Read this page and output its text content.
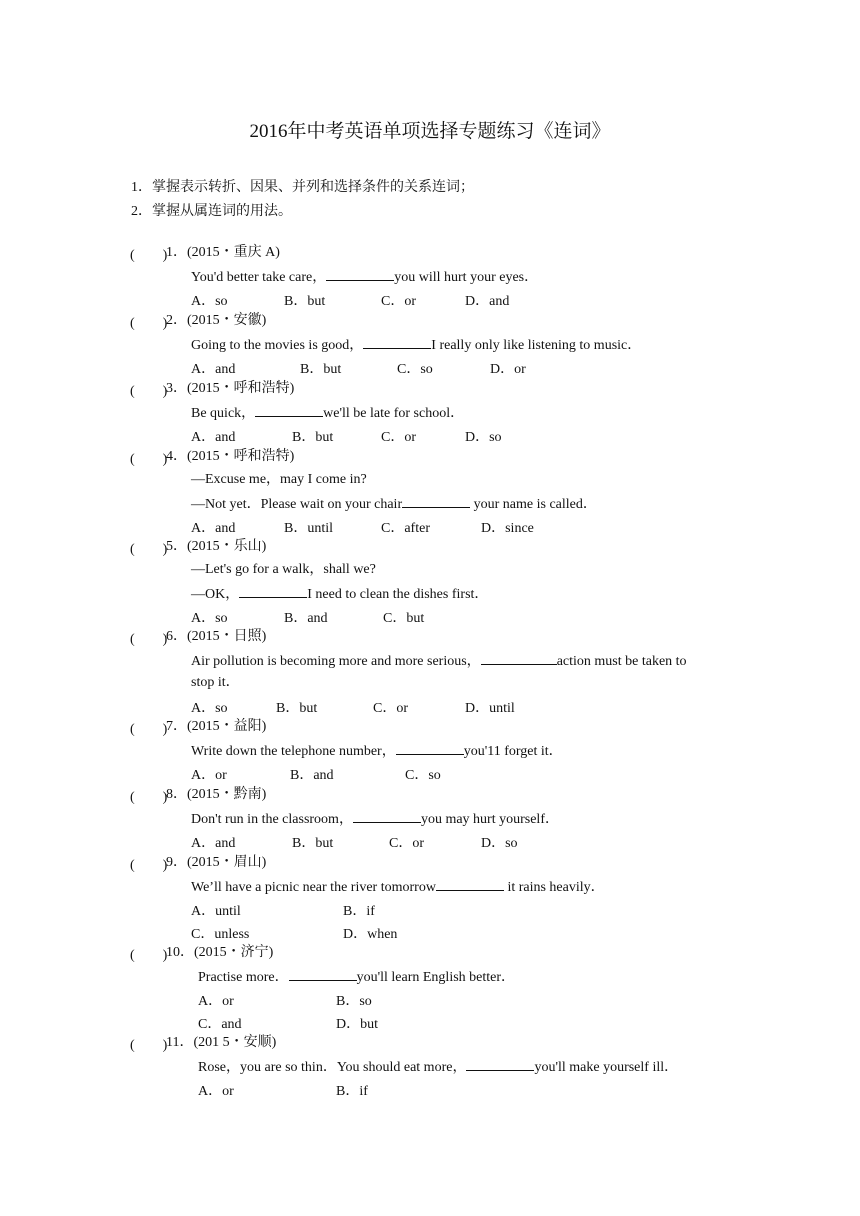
2016年中考英语单项选择专题练习《连词》
1．掌握表示转折、因果、并列和选择条件的关系连词；
2．掌握从属连词的用法。
(　　)
1．(2015・重庆 A)
You'd better take care，	you will hurt your eyes．
A．so	B．but	C．or	D．and
(　　)
2．(2015・安徽)
Going to the movies is good，	I really only like listening to music．
A．and	B．but	C．so	D．or
(　　)
3．(2015・呼和浩特)
Be quick，	we'll be late for school．
A．and	B．but	C．or	D．so
(　　)
4．(2015・呼和浩特)
—Excuse me，may I come in?
—Not yet．Please wait on your chair	your name is called．
A．and	B．until	C．after	D．since
(　　)
5．(2015・乐山)
—Let's go for a walk，shall we?
—OK，	I need to clean the dishes first．
A．so	B．and	C．but
(　　)
6．(2015・日照)
Air pollution is becoming more and more serious，	action must be taken to
stop it．
A．so	B．but	C．or	D．until
(　　)
7．(2015・益阳)
Write down the telephone number，	you'11 forget it．
A．or	B．and	C．so
(　　)
8．(2015・黔南)
Don't run in the classroom，	you may hurt yourself．
A．and	B．but	C．or	D．so
(　　)
9．(2015・眉山)
We’ll have a picnic near the river tomorrow	it rains heavily．
A．until	B．if
C．unless	D．when
(　　)
10．(2015・济宁)
Practise more．	you'll learn English better．
A．or	B．so
C．and	D．but
(　　)
11．(201 5・安顺)
Rose，you are so thin．You should eat more，	you'll make yourself ill．
A．or	B．if
